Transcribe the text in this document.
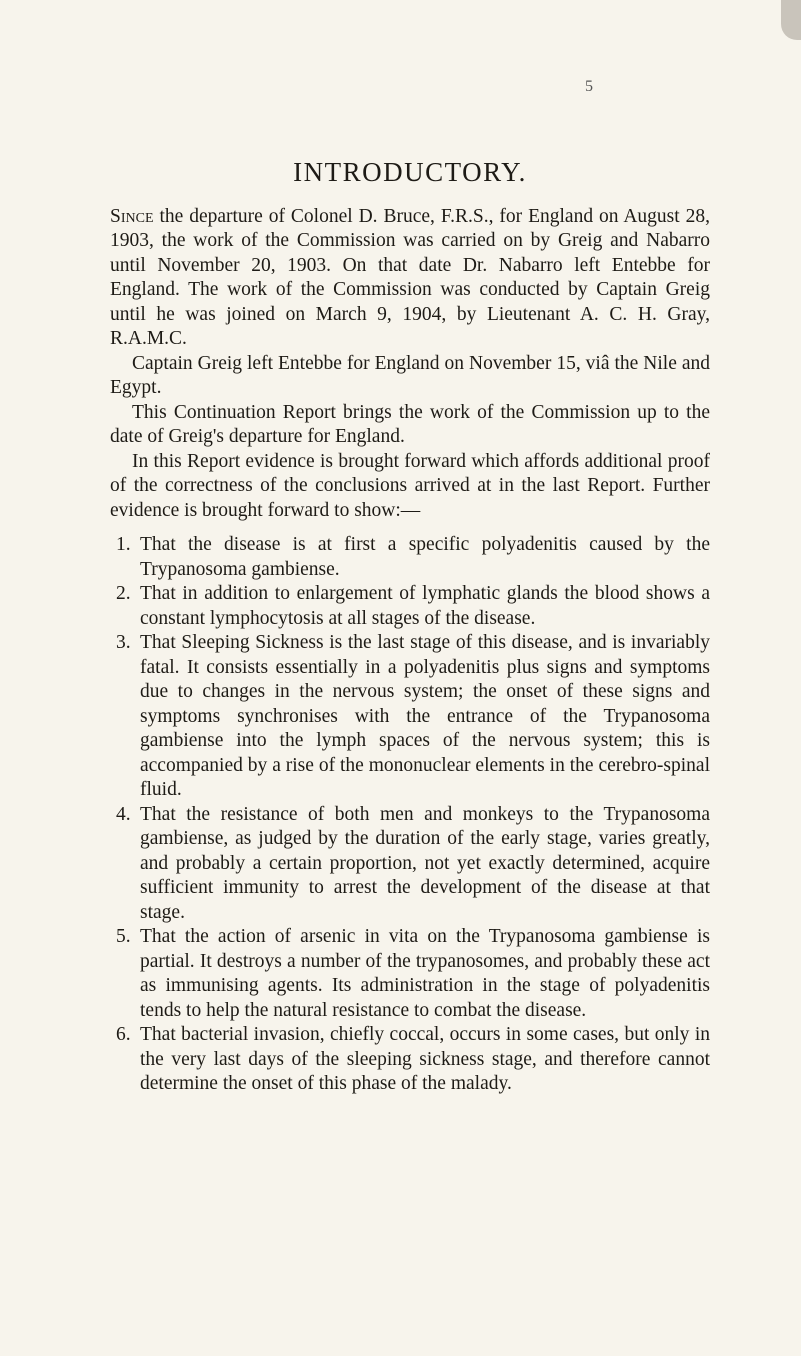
5
INTRODUCTORY.

Since the departure of Colonel D. Bruce, F.R.S., for England on August 28, 1903, the work of the Commission was carried on by Greig and Nabarro until November 20, 1903. On that date Dr. Nabarro left Entebbe for England. The work of the Commission was conducted by Captain Greig until he was joined on March 9, 1904, by Lieutenant A. C. H. Gray, R.A.M.C.

Captain Greig left Entebbe for England on November 15, viâ the Nile and Egypt.

This Continuation Report brings the work of the Commission up to the date of Greig's departure for England.

In this Report evidence is brought forward which affords additional proof of the correctness of the conclusions arrived at in the last Report. Further evidence is brought forward to show:—

1. That the disease is at first a specific polyadenitis caused by the Trypanosoma gambiense.
2. That in addition to enlargement of lymphatic glands the blood shows a constant lymphocytosis at all stages of the disease.
3. That Sleeping Sickness is the last stage of this disease, and is invariably fatal. It consists essentially in a polyadenitis plus signs and symptoms due to changes in the nervous system; the onset of these signs and symptoms synchronises with the entrance of the Trypanosoma gambiense into the lymph spaces of the nervous system; this is accompanied by a rise of the mononuclear elements in the cerebro-spinal fluid.
4. That the resistance of both men and monkeys to the Trypanosoma gambiense, as judged by the duration of the early stage, varies greatly, and probably a certain proportion, not yet exactly determined, acquire sufficient immunity to arrest the development of the disease at that stage.
5. That the action of arsenic in vita on the Trypanosoma gambiense is partial. It destroys a number of the trypanosomes, and probably these act as immunising agents. Its administration in the stage of polyadenitis tends to help the natural resistance to combat the disease.
6. That bacterial invasion, chiefly coccal, occurs in some cases, but only in the very last days of the sleeping sickness stage, and therefore cannot determine the onset of this phase of the malady.
